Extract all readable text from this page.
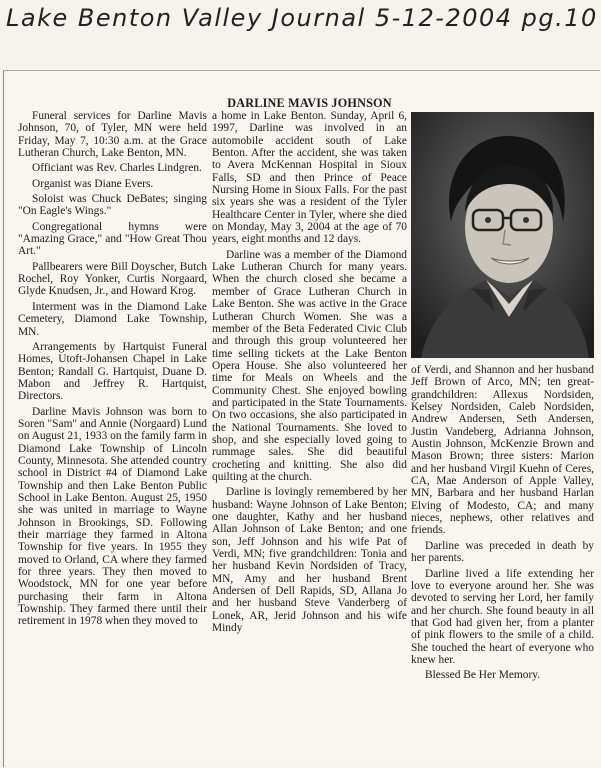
Lake Benton Valley Journal 5-12-2004 pg.10
DARLINE MAVIS JOHNSON

Funeral services for Darline Mavis Johnson, 70, of Tyler, MN were held Friday, May 7, 10:30 a.m. at the Grace Lutheran Church, Lake Benton, MN.

Officiant was Rev. Charles Lindgren.

Organist was Diane Evers.

Soloist was Chuck DeBates; singing "On Eagle's Wings."

Congregational hymns were "Amazing Grace," and "How Great Thou Art."

Pallbearers were Bill Doyscher, Butch Rochel, Roy Yonker, Curtis Norgaard, Glyde Knudsen, Jr., and Howard Krog.

Interment was in the Diamond Lake Cemetery, Diamond Lake Township, MN.

Arrangements by Hartquist Funeral Homes, Utoft-Johansen Chapel in Lake Benton; Randall G. Hartquist, Duane D. Mabon and Jeffrey R. Hartquist, Directors.

Darline Mavis Johnson was born to Soren "Sam" and Annie (Norgaard) Lund on August 21, 1933 on the family farm in Diamond Lake Township of Lincoln County, Minnesota. She attended country school in District #4 of Diamond Lake Township and then Lake Benton Public School in Lake Benton. August 25, 1950 she was united in marriage to Wayne Johnson in Brookings, SD. Following their marriage they farmed in Altona Township for five years. In 1955 they moved to Orland, CA where they farmed for three years. They then moved to Woodstock, MN for one year before purchasing their farm in Altona Township. They farmed there until their retirement in 1978 when they moved to

a home in Lake Benton. Sunday, April 6, 1997, Darline was involved in an automobile accident south of Lake Benton. After the accident, she was taken to Avera McKennan Hospital in Sioux Falls, SD and then Prince of Peace Nursing Home in Sioux Falls. For the past six years she was a resident of the Tyler Healthcare Center in Tyler, where she died on Monday, May 3, 2004 at the age of 70 years, eight months and 12 days.

Darline was a member of the Diamond Lake Lutheran Church for many years. When the church closed she became a member of Grace Lutheran Church in Lake Benton. She was active in the Grace Lutheran Church Women. She was a member of the Beta Federated Civic Club and through this group volunteered her time selling tickets at the Lake Benton Opera House. She also volunteered her time for Meals on Wheels and the Community Chest. She enjoyed bowling and participated in the State Tournaments. On two occasions, she also participated in the National Tournaments. She loved to shop, and she especially loved going to rummage sales. She did beautiful crocheting and knitting. She also did quilting at the church.

Darline is lovingly remembered by her husband: Wayne Johnson of Lake Benton; one daughter, Kathy and her husband Allan Johnson of Lake Benton; and one son, Jeff Johnson and his wife Pat of Verdi, MN; five grandchildren: Tonia and her husband Kevin Nordsiden of Tracy, MN, Amy and her husband Brent Andersen of Dell Rapids, SD, Allana Jo and her husband Steve Vanderberg of Lonek, AR, Jerid Johnson and his wife Mindy

of Verdi, and Shannon and her husband Jeff Brown of Arco, MN; ten great-grandchildren: Allexus Nordsiden, Kelsey Nordsiden, Caleb Nordsiden, Andrew Andersen, Seth Andersen, Justin Vandeberg, Adrianna Johnson, Austin Johnson, McKenzie Brown and Mason Brown; three sisters: Marion and her husband Virgil Kuehn of Ceres, CA, Mae Anderson of Apple Valley, MN, Barbara and her husband Harlan Elving of Modesto, CA; and many nieces, nephews, other relatives and friends.

Darline was preceded in death by her parents.

Darline lived a life extending her love to everyone around her. She was devoted to serving her Lord, her family and her church. She found beauty in all that God had given her, from a planter of pink flowers to the smile of a child. She touched the heart of everyone who knew her.

Blessed Be Her Memory.
